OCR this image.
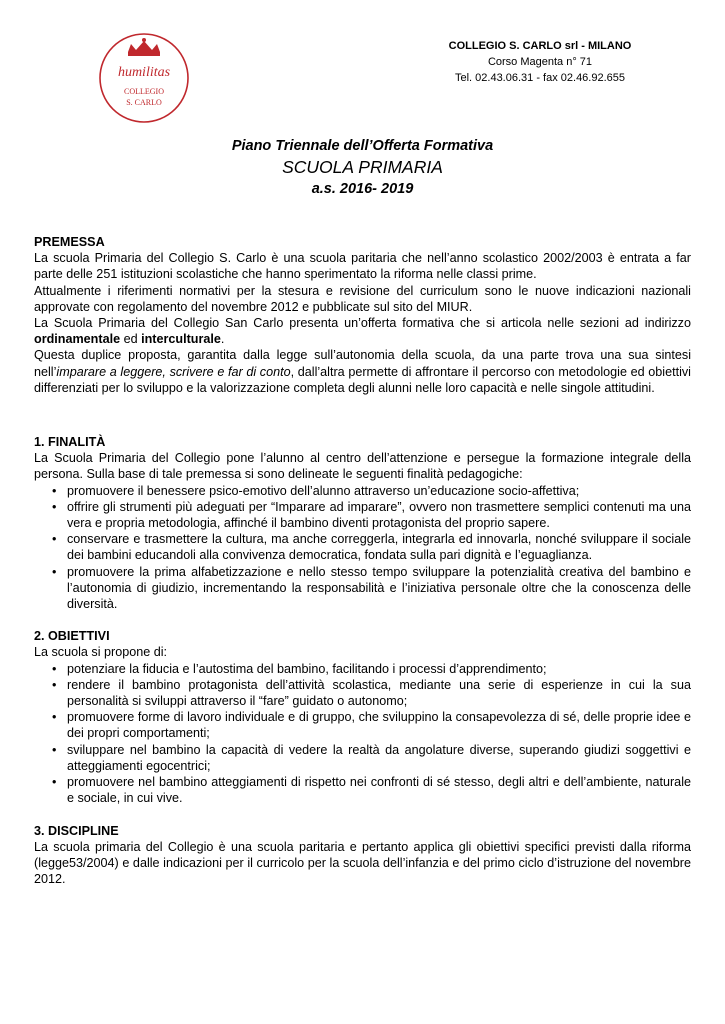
humilitas
COLLEGIO
S. CARLO
COLLEGIO S. CARLO srl - MILANO
Corso Magenta n° 71
Tel. 02.43.06.31 - fax 02.46.92.655
Piano Triennale dell’Offerta Formativa
SCUOLA PRIMARIA
a.s. 2016- 2019
PREMESSA

La scuola Primaria del Collegio S. Carlo è una scuola paritaria che nell’anno scolastico 2002/2003 è entrata a far parte delle 251 istituzioni scolastiche che hanno sperimentato la riforma nelle classi prime.

Attualmente i riferimenti normativi per la stesura e revisione del curriculum sono le nuove indicazioni nazionali approvate con regolamento del novembre 2012 e pubblicate sul sito del MIUR.

La Scuola Primaria del Collegio San Carlo presenta un’offerta formativa che si articola nelle sezioni ad indirizzo ordinamentale ed interculturale.

Questa duplice proposta, garantita dalla legge sull’autonomia della scuola, da una parte trova una sua sintesi nell’imparare a leggere, scrivere e far di conto, dall’altra permette di affrontare il percorso con metodologie ed obiettivi differenziati per lo sviluppo e la valorizzazione completa degli alunni nelle loro capacità e nelle singole attitudini.

1. FINALITÀ

La Scuola Primaria del Collegio pone l’alunno al centro dell’attenzione e persegue la formazione integrale della persona. Sulla base di tale premessa si sono delineate le seguenti finalità pedagogiche:

• promuovere il benessere psico-emotivo dell’alunno attraverso un’educazione socio-affettiva;
• offrire gli strumenti più adeguati per “Imparare ad imparare”, ovvero non trasmettere semplici contenuti ma una vera e propria metodologia, affinché il bambino diventi protagonista del proprio sapere.
• conservare e trasmettere la cultura, ma anche correggerla, integrarla ed innovarla, nonché sviluppare il sociale dei bambini educandoli alla convivenza democratica, fondata sulla pari dignità e l’eguaglianza.
• promuovere la prima alfabetizzazione e nello stesso tempo sviluppare la potenzialità creativa del bambino e l’autonomia di giudizio, incrementando la responsabilità e l’iniziativa personale oltre che la conoscenza delle diversità.
2. OBIETTIVI

La scuola si propone di:

• potenziare la fiducia e l’autostima del bambino, facilitando i processi d’apprendimento;
• rendere il bambino protagonista dell’attività scolastica, mediante una serie di esperienze in cui la sua personalità si sviluppi attraverso il “fare” guidato o autonomo;
• promuovere forme di lavoro individuale e di gruppo, che sviluppino la consapevolezza di sé, delle proprie idee e dei propri comportamenti;
• sviluppare nel bambino la capacità di vedere la realtà da angolature diverse, superando giudizi soggettivi e atteggiamenti egocentrici;
• promuovere nel bambino atteggiamenti di rispetto nei confronti di sé stesso, degli altri e dell’ambiente, naturale e sociale, in cui vive.
3. DISCIPLINE

La scuola primaria del Collegio è una scuola paritaria e pertanto applica gli obiettivi specifici previsti dalla riforma (legge53/2004) e dalle indicazioni per il curricolo per la scuola dell’infanzia e del primo ciclo d’istruzione del novembre 2012.
